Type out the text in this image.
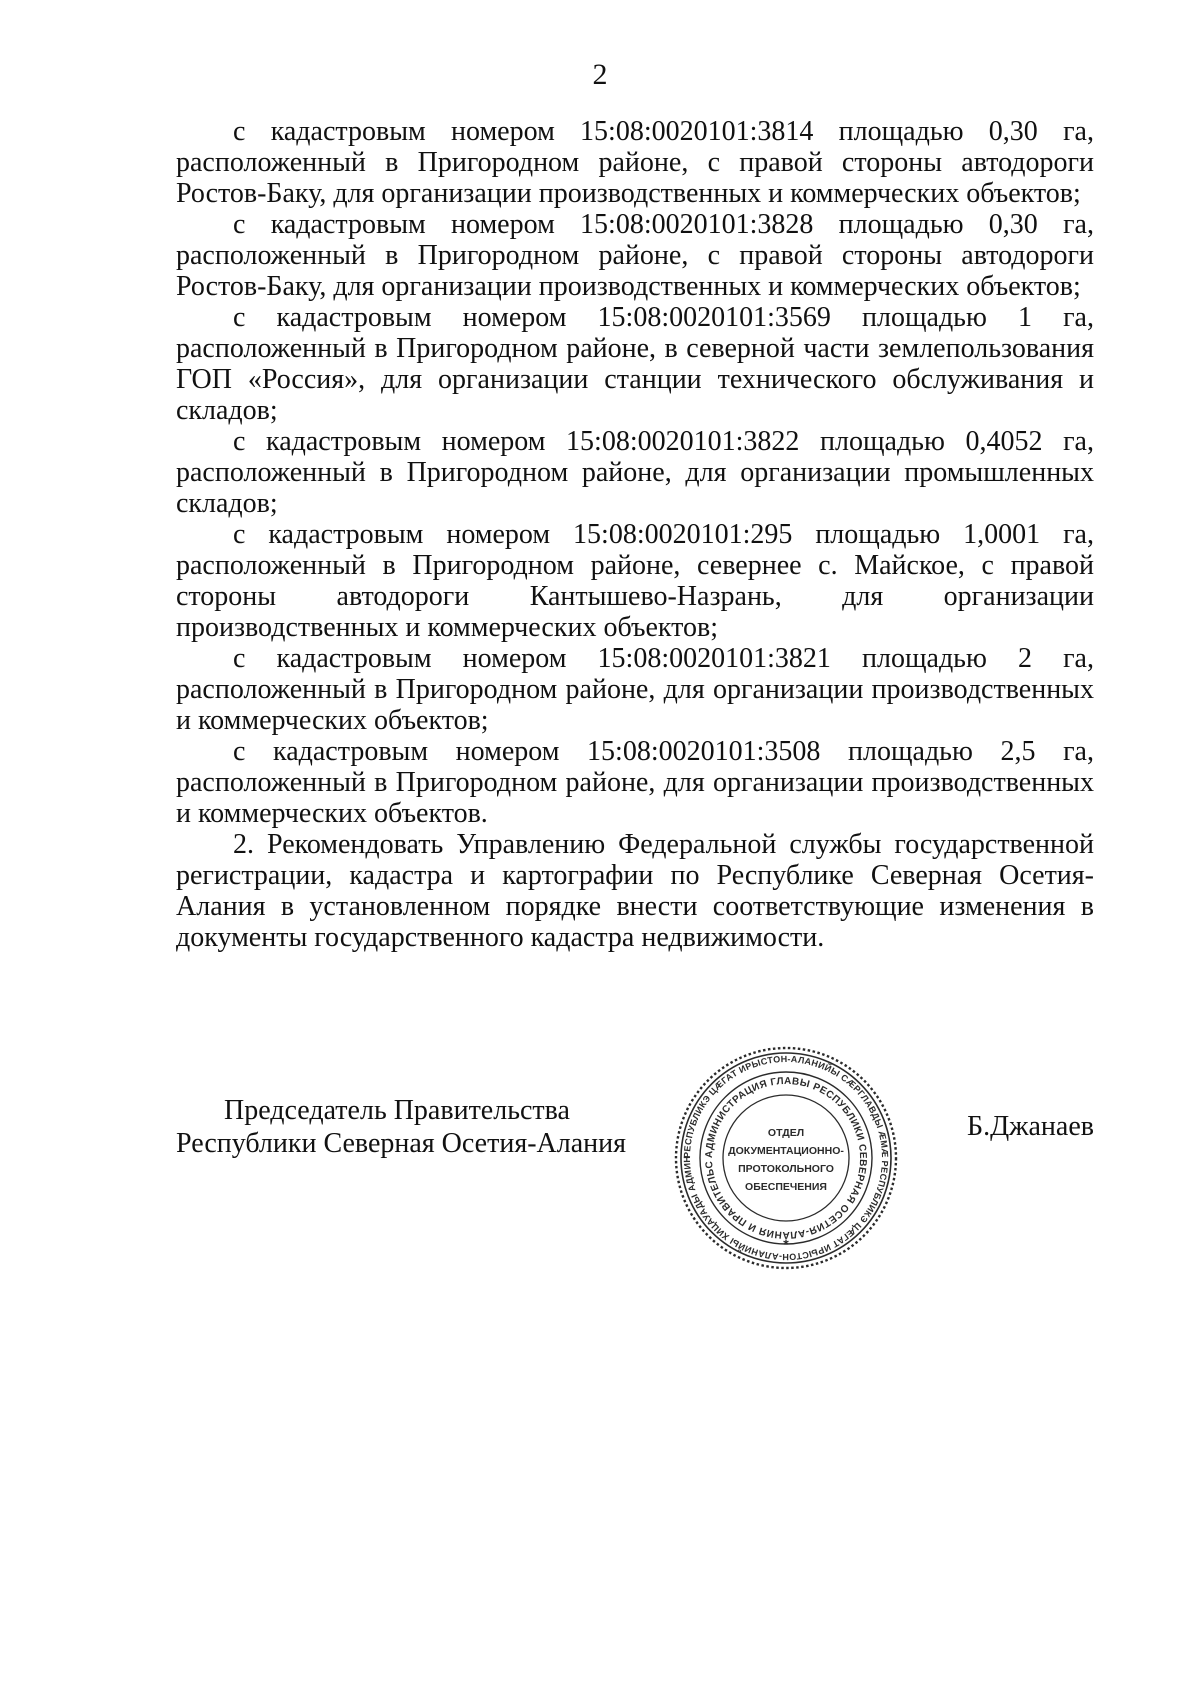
2

с кадастровым номером 15:08:0020101:3814 площадью 0,30 га, расположенный в Пригородном районе, с правой стороны автодороги Ростов-Баку, для организации производственных и коммерческих объектов;

с кадастровым номером 15:08:0020101:3828 площадью 0,30 га, расположенный в Пригородном районе, с правой стороны автодороги Ростов-Баку, для организации производственных и коммерческих объектов;

с кадастровым номером 15:08:0020101:3569 площадью 1 га, расположенный в Пригородном районе, в северной части землепользования ГОП «Россия», для организации станции технического обслуживания и складов;

с кадастровым номером 15:08:0020101:3822 площадью 0,4052 га, расположенный в Пригородном районе, для организации промышленных складов;

с кадастровым номером 15:08:0020101:295 площадью 1,0001 га, расположенный в Пригородном районе, севернее с. Майское, с правой стороны автодороги Кантышево-Назрань, для организации производственных и коммерческих объектов;

с кадастровым номером 15:08:0020101:3821 площадью 2 га, расположенный в Пригородном районе, для организации производственных и коммерческих объектов;

с кадастровым номером 15:08:0020101:3508 площадью 2,5 га, расположенный в Пригородном районе, для организации производственных и коммерческих объектов.

2. Рекомендовать Управлению Федеральной службы государственной регистрации, кадастра и картографии по Республике Северная Осетия-Алания в установленном порядке внести соответствующие изменения в документы государственного кадастра недвижимости.

Председатель Правительства
Республики Северная Осетия-Алания
Б.Джанаев
РЕСПУБЛИКЭ ЦÆГАТ ИРЫСТОН-АЛАНИЙЫ СÆРГЛАВДЫ ÆМÆ РЕСПУБЛИКЭ ЦÆГАТ ИРЫСТОН-АЛАНИЙЫ ХИЦАУАДЫ АДМИН
АДМИНИСТРАЦИЯ ГЛАВЫ РЕСПУБЛИКИ СЕВЕРНАЯ ОСЕТИЯ-АЛАНИЯ И ПРАВИТЕЛЬС
ОТДЕЛ
ДОКУМЕНТАЦИОННО-
ПРОТОКОЛЬНОГО
ОБЕСПЕЧЕНИЯ
*
